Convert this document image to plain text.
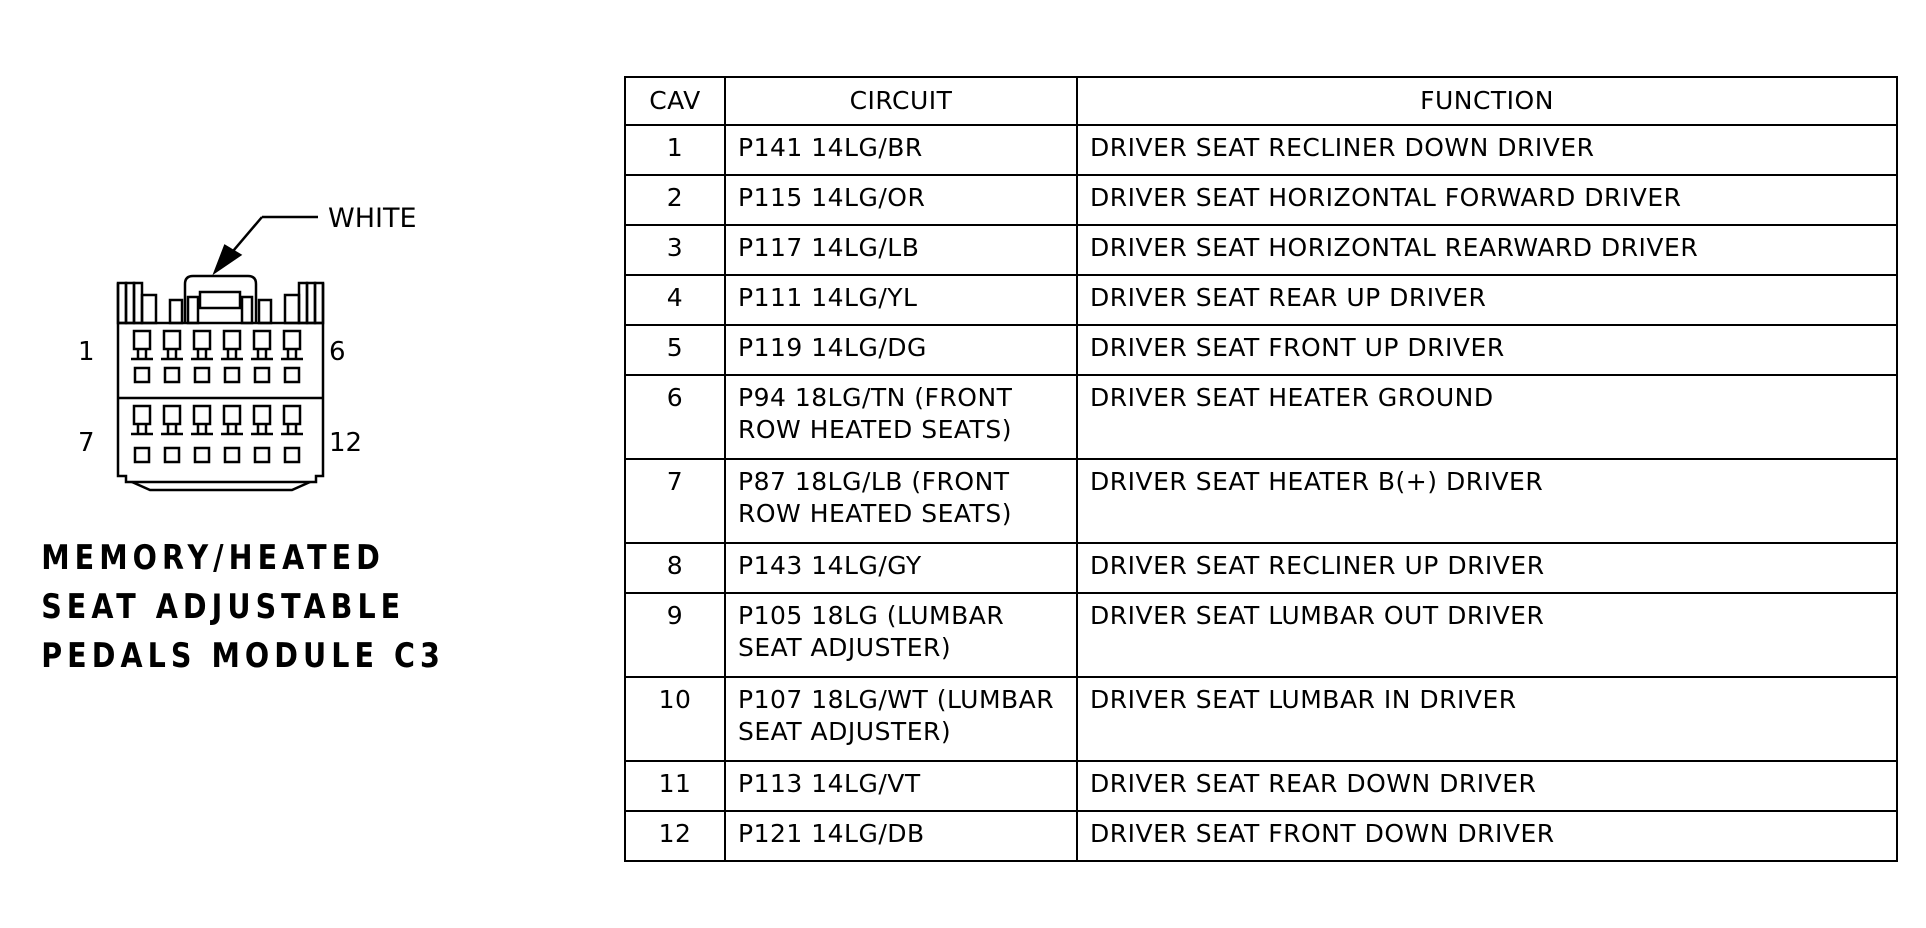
WHITE
1	6
7	12
MEMORY/HEATED
SEAT ADJUSTABLE
PEDALS MODULE C3
CAV	CIRCUIT	FUNCTION
1	P141 14LG/BR	DRIVER SEAT RECLINER DOWN DRIVER
2	P115 14LG/OR	DRIVER SEAT HORIZONTAL FORWARD DRIVER
3	P117 14LG/LB	DRIVER SEAT HORIZONTAL REARWARD DRIVER
4	P111 14LG/YL	DRIVER SEAT REAR UP DRIVER
5	P119 14LG/DG	DRIVER SEAT FRONT UP DRIVER
6	P94 18LG/TN (FRONT ROW HEATED SEATS)	DRIVER SEAT HEATER GROUND
7	P87 18LG/LB (FRONT ROW HEATED SEATS)	DRIVER SEAT HEATER B(+) DRIVER
8	P143 14LG/GY	DRIVER SEAT RECLINER UP DRIVER
9	P105 18LG (LUMBAR SEAT ADJUSTER)	DRIVER SEAT LUMBAR OUT DRIVER
10	P107 18LG/WT (LUMBAR SEAT ADJUSTER)	DRIVER SEAT LUMBAR IN DRIVER
11	P113 14LG/VT	DRIVER SEAT REAR DOWN DRIVER
12	P121 14LG/DB	DRIVER SEAT FRONT DOWN DRIVER
